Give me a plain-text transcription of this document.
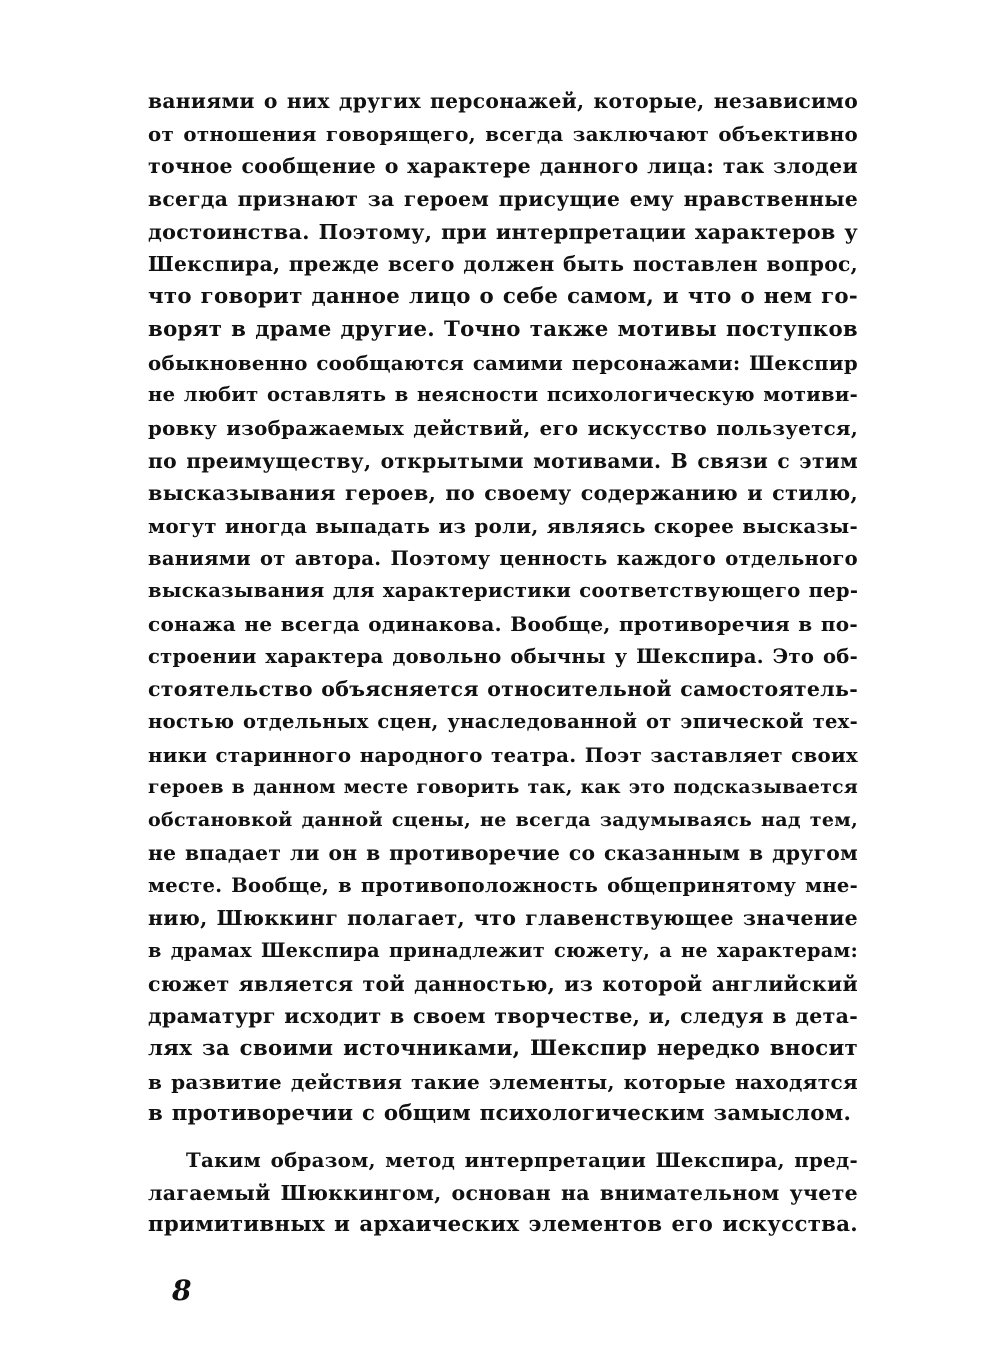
ваниями о них других персонажей, которые, независимо
от отношения говорящего, всегда заключают объективно
точное сообщение о характере данного лица: так злодеи
всегда признают за героем присущие ему нравственные
достоинства. Поэтому, при интерпретации характеров у
Шекспира, прежде всего должен быть поставлен вопрос,
что говорит данное лицо о себе самом, и что о нем го-
ворят в драме другие. Точно также мотивы поступков
обыкновенно сообщаются самими персонажами: Шекспир
не любит оставлять в неясности психологическую мотиви-
ровку изображаемых действий, его искусство пользуется,
по преимуществу, открытыми мотивами. В связи с этим
высказывания героев, по своему содержанию и стилю,
могут иногда выпадать из роли, являясь скорее высказы-
ваниями от автора. Поэтому ценность каждого отдельного
высказывания для характеристики соответствующего пер-
сонажа не всегда одинакова. Вообще, противоречия в по-
строении характера довольно обычны у Шекспира. Это об-
стоятельство объясняется относительной самостоятель-
ностью отдельных сцен, унаследованной от эпической тех-
ники старинного народного театра. Поэт заставляет своих
героев в данном месте говорить так, как это подсказывается
обстановкой данной сцены, не всегда задумываясь над тем,
не впадает ли он в противоречие со сказанным в другом
месте. Вообще, в противоположность общепринятому мне-
нию, Шюккинг полагает, что главенствующее значение
в драмах Шекспира принадлежит сюжету, а не характерам:
сюжет является той данностью, из которой английский
драматург исходит в своем творчестве, и, следуя в дета-
лях за своими источниками, Шекспир нередко вносит
в развитие действия такие элементы, которые находятся
в противоречии с общим психологическим замыслом.
Таким образом, метод интерпретации Шекспира, пред-
лагаемый Шюккингом, основан на внимательном учете
примитивных и архаических элементов его искусства.
8
